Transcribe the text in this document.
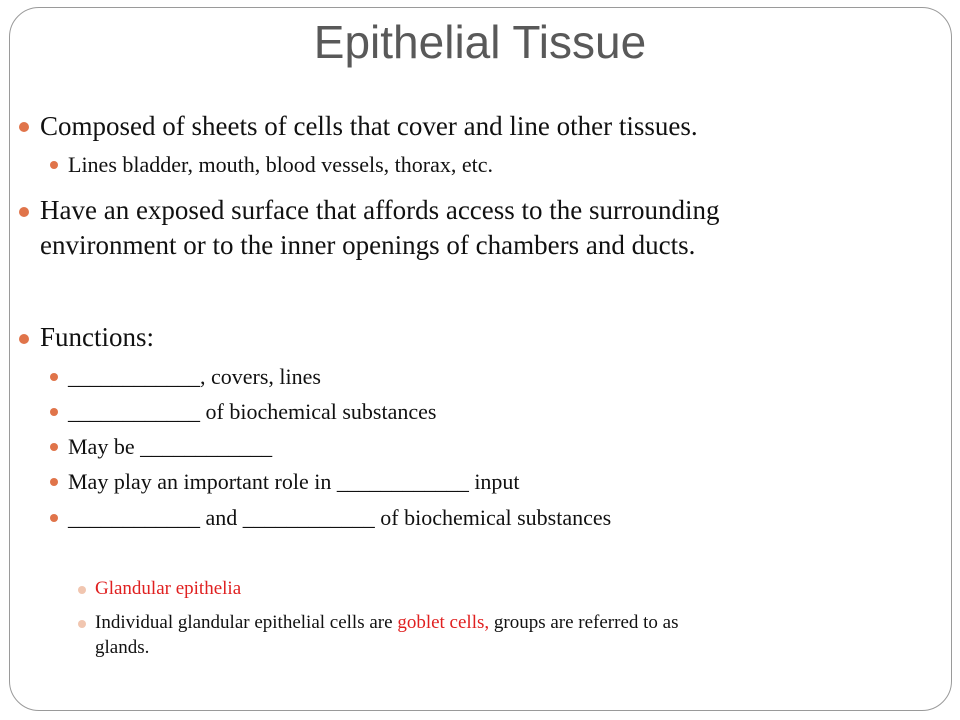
Epithelial Tissue

Composed of sheets of cells that cover and line other tissues.

Lines bladder, mouth, blood vessels, thorax, etc.

Have an exposed surface that affords access to the surrounding

environment or to the inner openings of chambers and ducts.

Functions:

____________, covers, lines

____________ of biochemical substances

May be ____________

May play an important role in ____________ input

____________ and ____________ of biochemical substances

Glandular epithelia

Individual glandular epithelial cells are goblet cells, groups are referred to as

glands.
